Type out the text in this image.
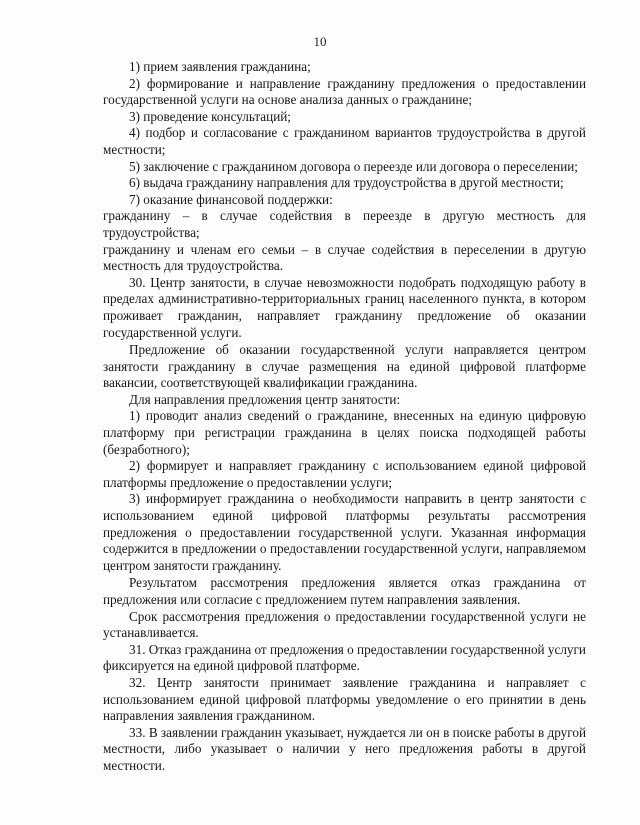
10

1) прием заявления гражданина;

2) формирование и направление гражданину предложения о предоставлении государственной услуги на основе анализа данных о гражданине;

3) проведение консультаций;

4) подбор и согласование с гражданином вариантов трудоустройства в другой местности;

5) заключение с гражданином договора о переезде или договора о переселении;

6) выдача гражданину направления для трудоустройства в другой местности;

7) оказание финансовой поддержки:

гражданину – в случае содействия в переезде в другую местность для трудоустройства;

гражданину и членам его семьи – в случае содействия в переселении в другую местность для трудоустройства.

30. Центр занятости, в случае невозможности подобрать подходящую работу в пределах административно-территориальных границ населенного пункта, в котором проживает гражданин, направляет гражданину предложение об оказании государственной услуги.

Предложение об оказании государственной услуги направляется центром занятости гражданину в случае размещения на единой цифровой платформе вакансии, соответствующей квалификации гражданина.

Для направления предложения центр занятости:

1) проводит анализ сведений о гражданине, внесенных на единую цифровую платформу при регистрации гражданина в целях поиска подходящей работы (безработного);

2) формирует и направляет гражданину с использованием единой цифровой платформы предложение о предоставлении услуги;

3) информирует гражданина о необходимости направить в центр занятости с использованием единой цифровой платформы результаты рассмотрения предложения о предоставлении государственной услуги. Указанная информация содержится в предложении о предоставлении государственной услуги, направляемом центром занятости гражданину.

Результатом рассмотрения предложения является отказ гражданина от предложения или согласие с предложением путем направления заявления.

Срок рассмотрения предложения о предоставлении государственной услуги не устанавливается.

31. Отказ гражданина от предложения о предоставлении государственной услуги фиксируется на единой цифровой платформе.

32. Центр занятости принимает заявление гражданина и направляет с использованием единой цифровой платформы уведомление о его принятии в день направления заявления гражданином.

33. В заявлении гражданин указывает, нуждается ли он в поиске работы в другой местности, либо указывает о наличии у него предложения работы в другой местности.
